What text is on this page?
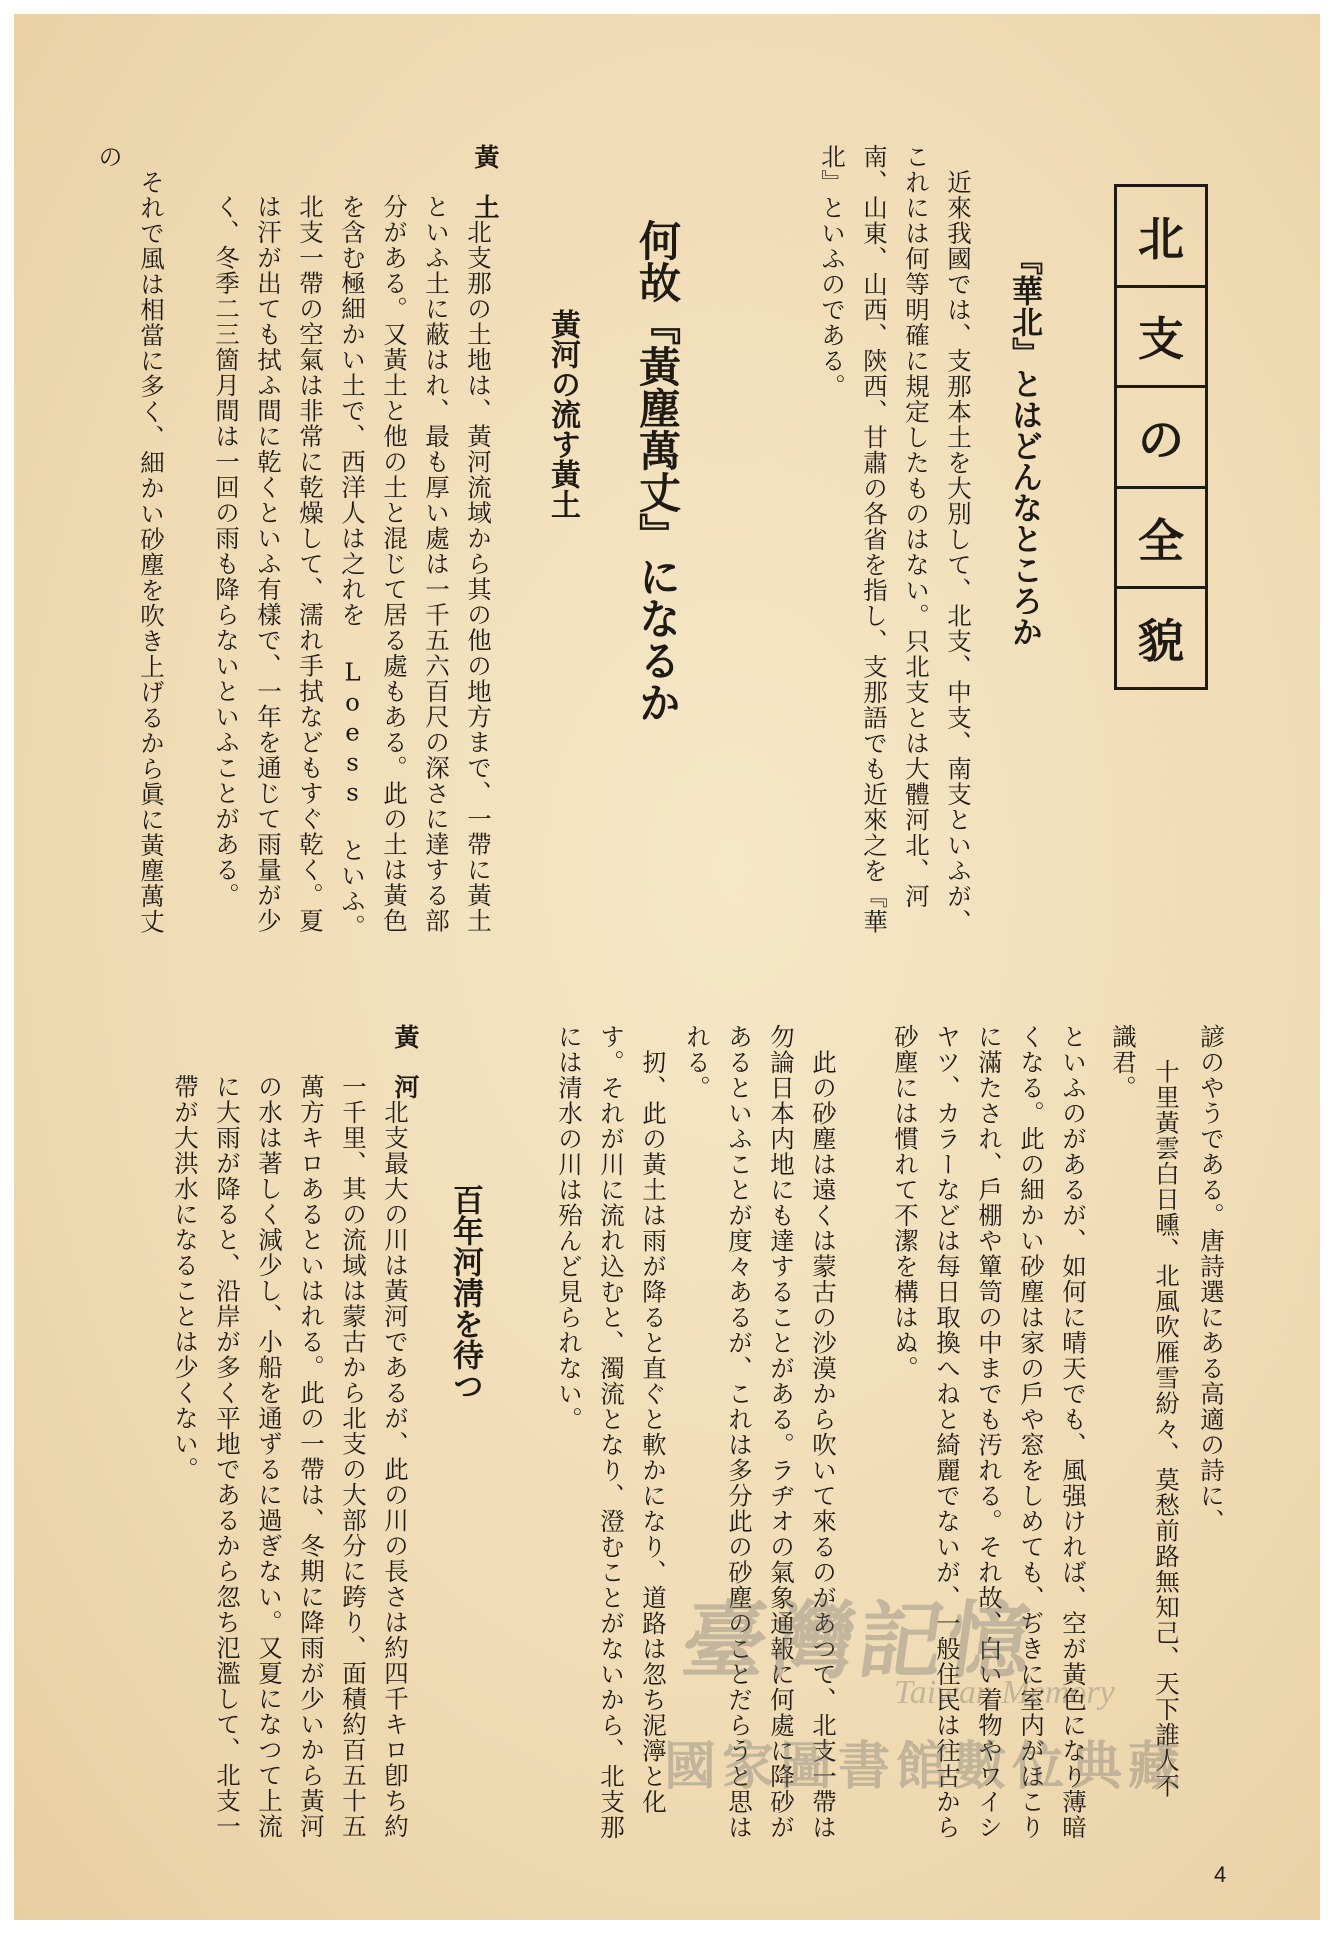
北
支
の
全
貌
『華北』とはどんなところか
　近來我國では、支那本土を大別して、北支、中支、南支といふが、これには何等明確に規定したものはない。只北支とは大體河北、河南、山東、山西、陝西、甘肅の各省を指し、支那語でも近來之を『華北』といふのである。
何故『黃塵萬丈』になるか
黃河の流す黃土
黃　土
　北支那の土地は、黃河流域から其の他の地方まで、一帶に黃土といふ土に蔽はれ、最も厚い處は一千五六百尺の深さに達する部分がある。又黃土と他の土と混じて居る處もある。此の土は黃色を含む極細かい土で、西洋人は之れを Loess といふ。北支一帶の空氣は非常に乾燥して、濡れ手拭などもすぐ乾く。夏は汗が出ても拭ふ間に乾くといふ有樣で、一年を通じて雨量が少く、冬季二三箇月間は一回の雨も降らないといふことがある。
　それで風は相當に多く、細かい砂塵を吹き上げるから眞に黃塵萬丈の
諺のやうである。唐詩選にある高適の詩に、
十里黃雲白日曛、北風吹雁雪紛々、莫愁前路無知己、天下誰人不
識君。
といふのがあるが、如何に晴天でも、風强ければ、空が黃色になり薄暗くなる。此の細かい砂塵は家の戶や窓をしめても、ぢきに室内がほこりに滿たされ、戶棚や簞笥の中までも汚れる。それ故、白い着物やワイシヤツ、カラーなどは每日取換へねと綺麗でないが、一般住民は往古から砂塵には慣れて不潔を構はぬ。
　此の砂塵は遠くは蒙古の沙漠から吹いて來るのがあつて、北支一帶は勿論日本内地にも達することがある。ラヂオの氣象通報に何處に降砂があるといふことが度々あるが、これは多分此の砂塵のことだらうと思はれる。
　扨、此の黃土は雨が降ると直ぐと軟かになり、道路は忽ち泥濘と化す。それが川に流れ込むと、濁流となり、澄むことがないから、北支那には清水の川は殆んど見られない。
百年河淸を待つ
黃　河
　北支最大の川は黃河であるが、此の川の長さは約四千キロ卽ち約一千里、其の流域は蒙古から北支の大部分に跨り、面積約百五十五萬方キロあるといはれる。此の一帶は、冬期に降雨が少いから黃河の水は著しく減少し、小船を通ずるに過ぎない。又夏になつて上流に大雨が降ると、沿岸が多く平地であるから忽ち氾濫して、北支一帶が大洪水になることは少くない。
臺灣記憶
Taiwan Memory
國家圖書館數位典藏
4
